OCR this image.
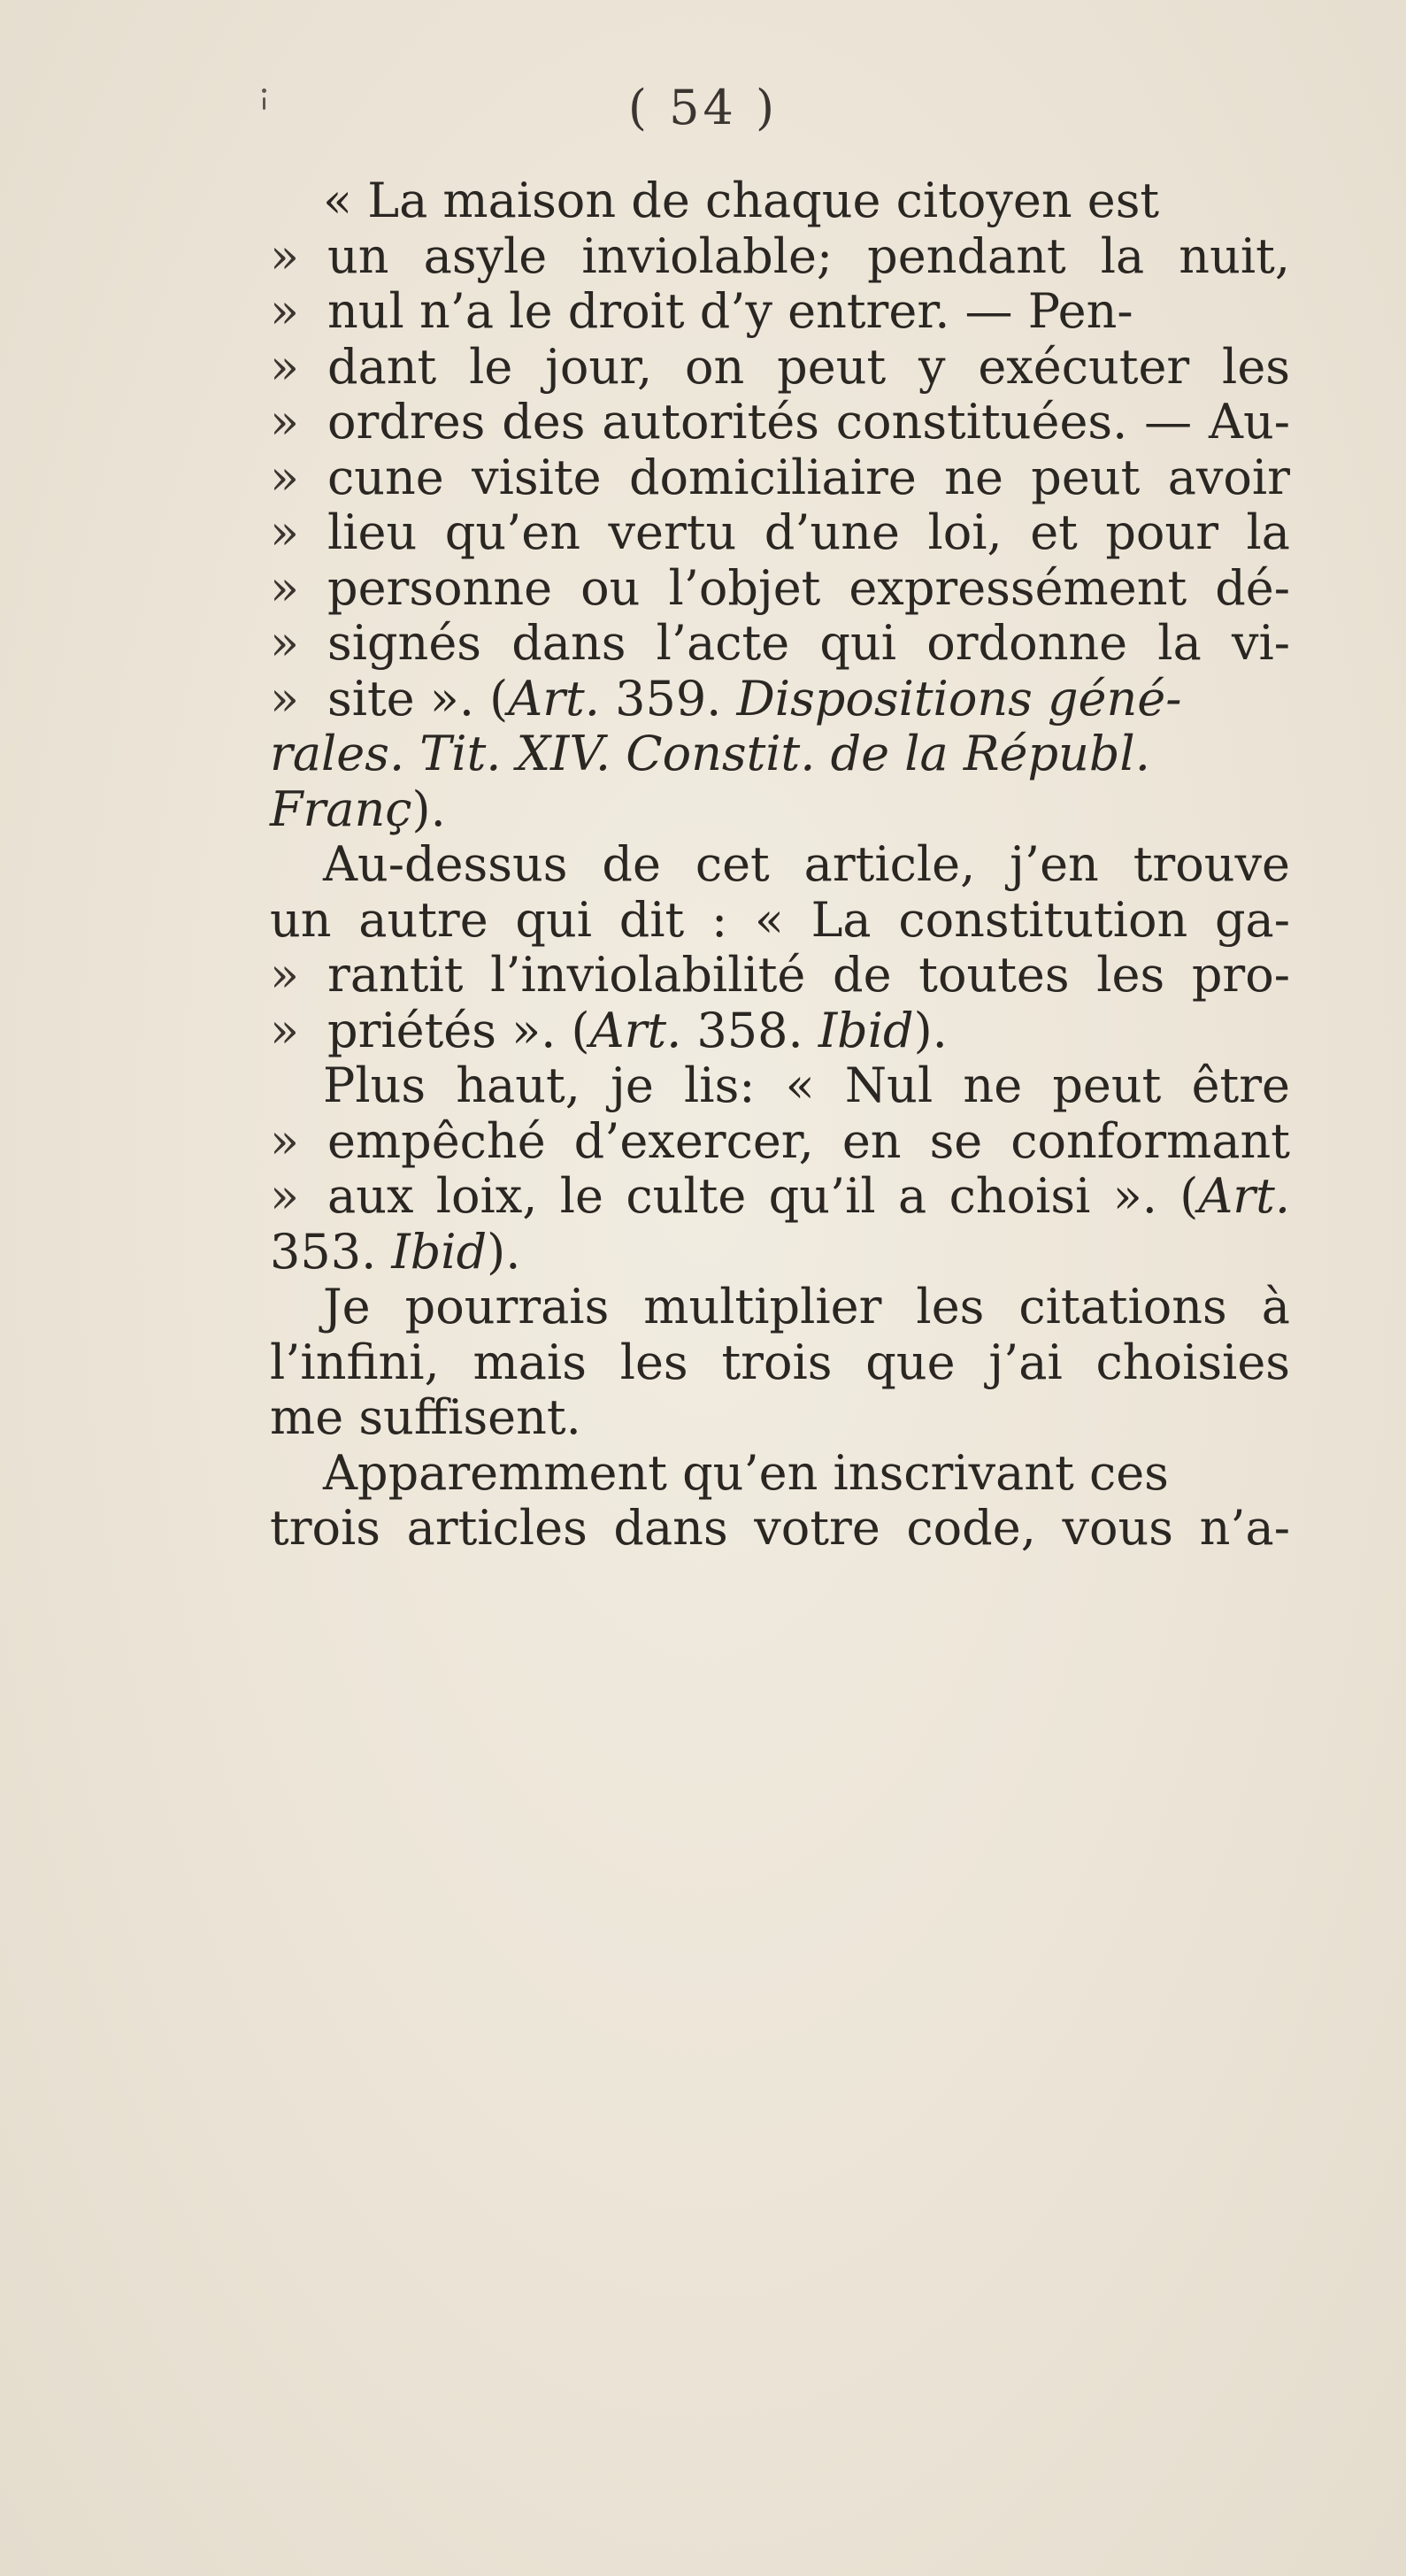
( 54 )
« La maison de chaque citoyen est
» un asyle inviolable; pendant la nuit,
» nul n’a le droit d’y entrer. — Pen-
» dant le jour, on peut y exécuter les
» ordres des autorités constituées. — Au-
» cune visite domiciliaire ne peut avoir
» lieu qu’en vertu d’une loi, et pour la
» personne ou l’objet expressément dé-
» signés dans l’acte qui ordonne la vi-
» site ». (Art. 359. Dispositions géné-
rales. Tit. XIV. Constit. de la Républ.
Franç).
Au-dessus de cet article, j’en trouve
un autre qui dit : « La constitution ga-
» rantit l’inviolabilité de toutes les pro-
» priétés ». (Art. 358. Ibid).
Plus haut, je lis: « Nul ne peut être
» empêché d’exercer, en se conformant
» aux loix, le culte qu’il a choisi ». (Art.
353. Ibid).
Je pourrais multiplier les citations à
l’infini, mais les trois que j’ai choisies
me suffisent.
Apparemment qu’en inscrivant ces
trois articles dans votre code, vous n’a-
